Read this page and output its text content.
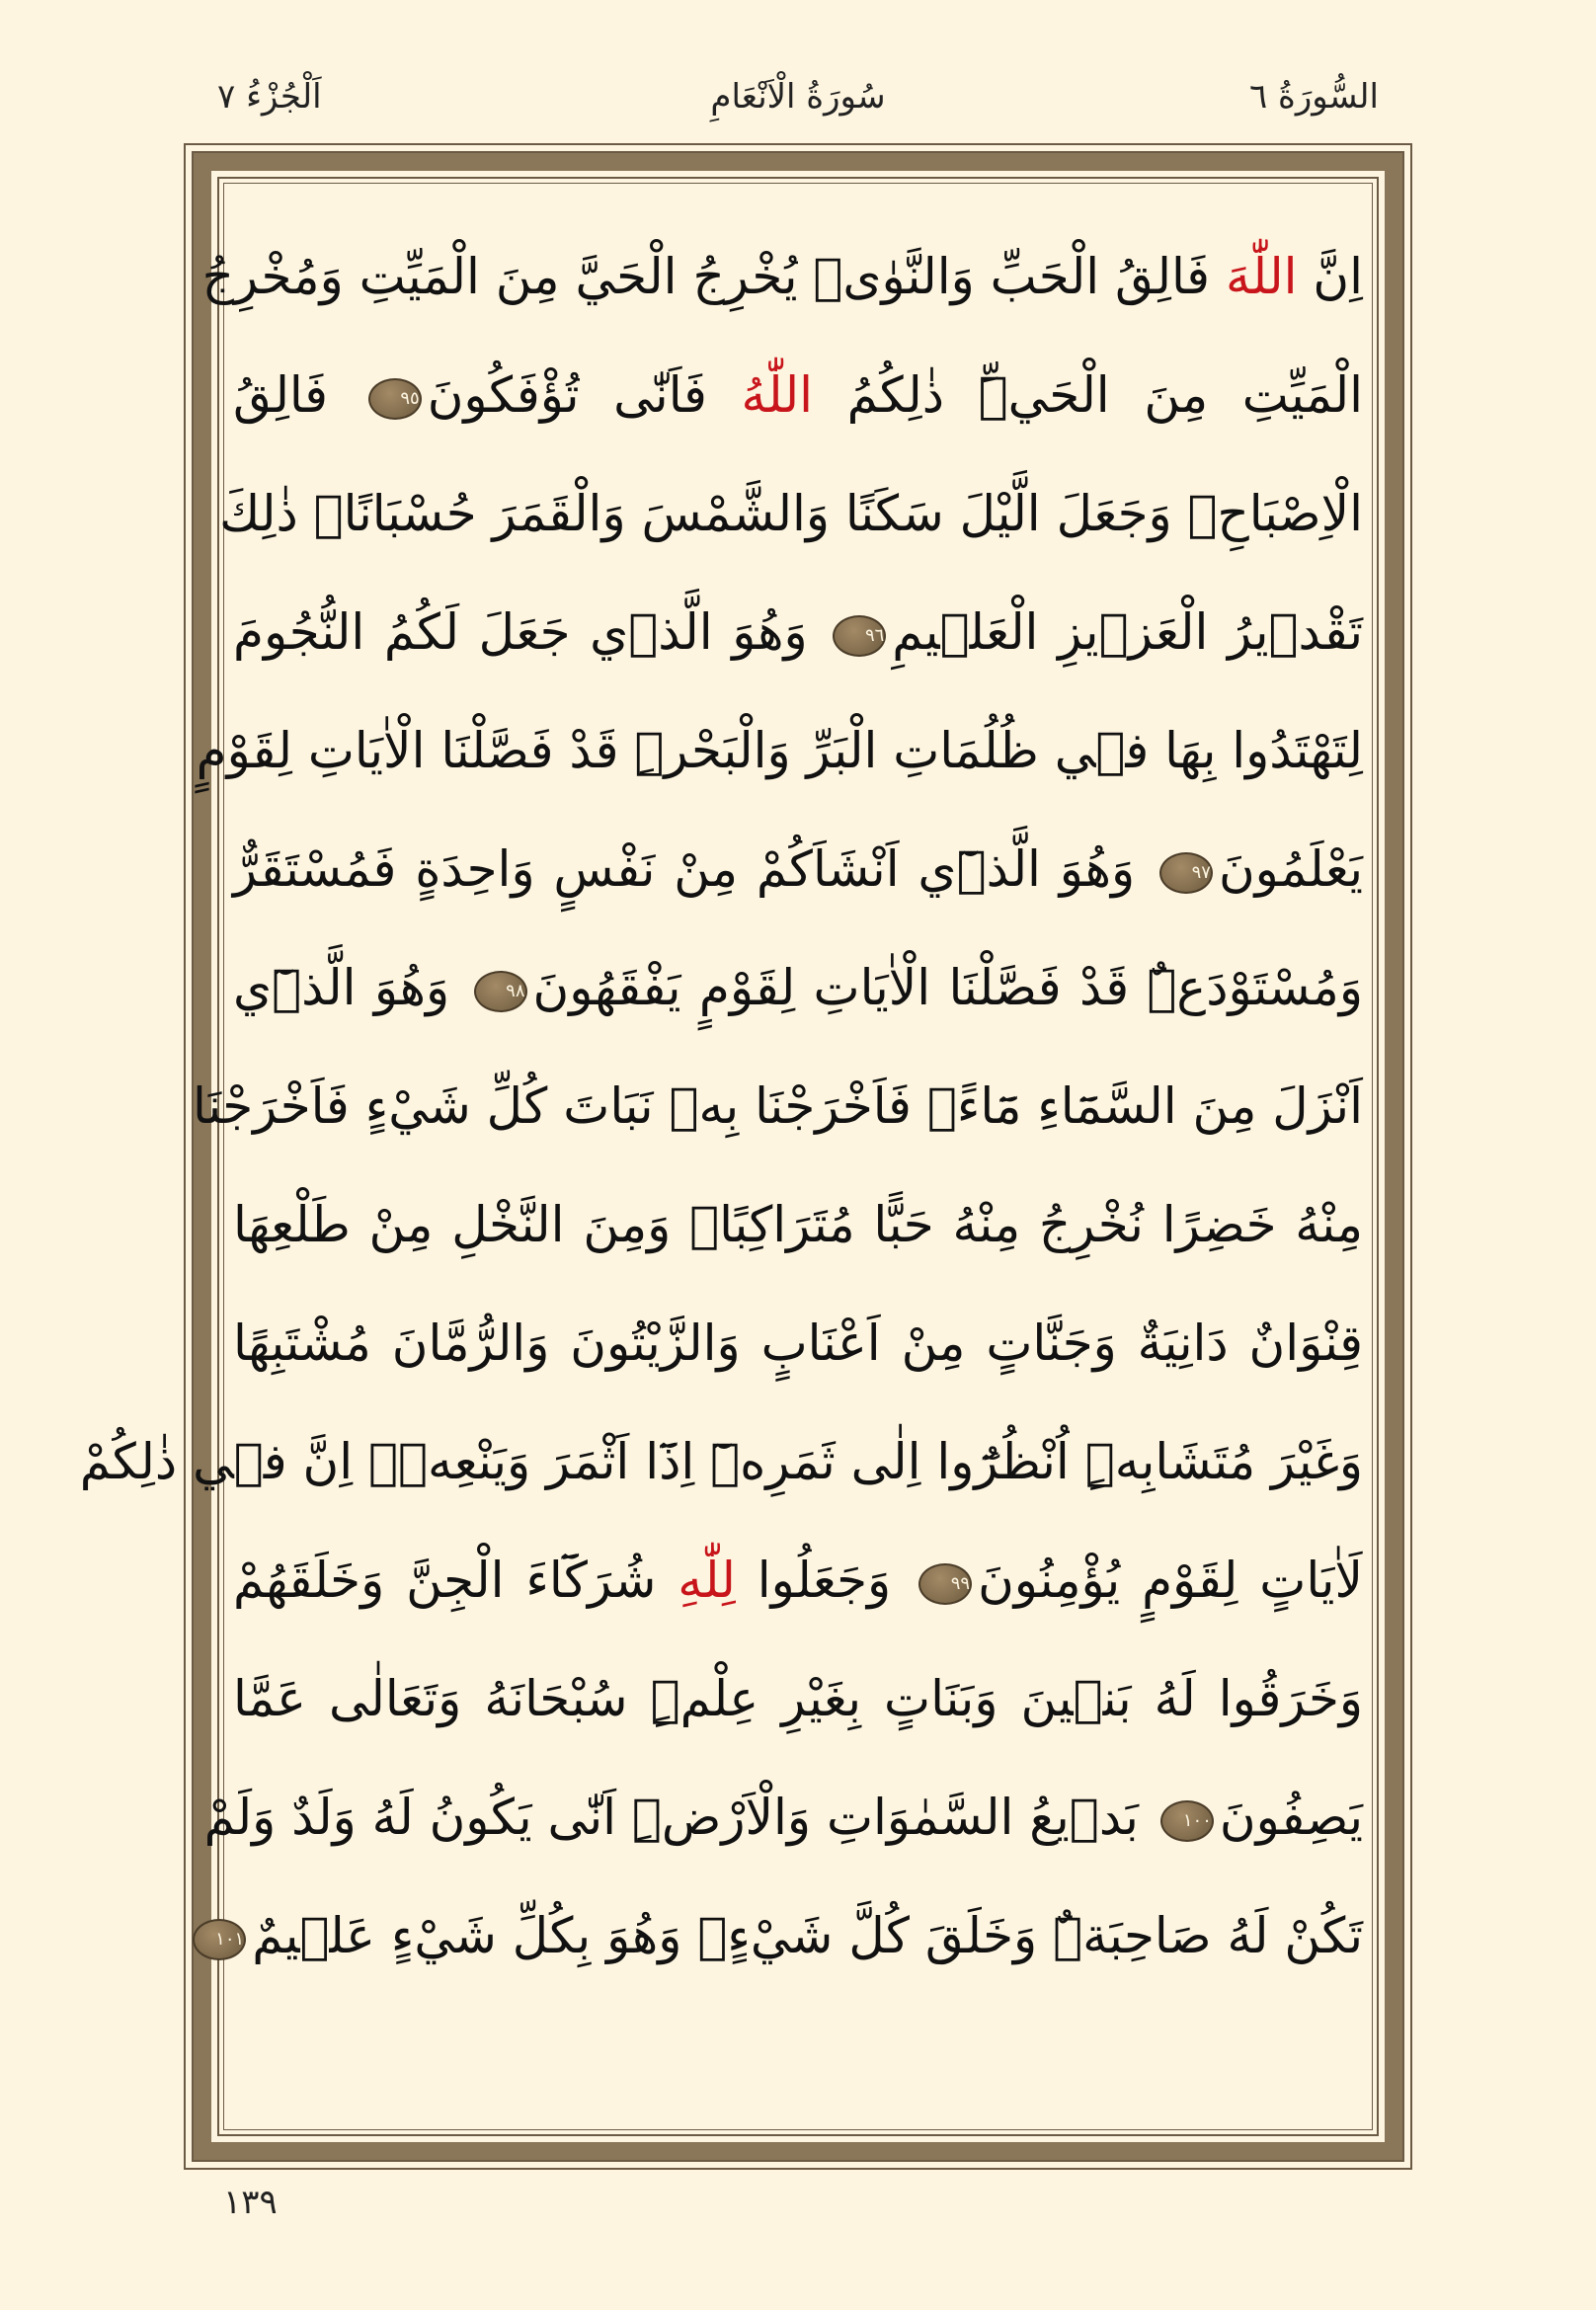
السُّورَةُ ٦
سُورَةُ الْاَنْعَامِ
اَلْجُزْءُ ٧
اِنَّ اللّٰهَ فَالِقُ الْحَبِّ وَالنَّوٰىۜ يُخْرِجُ الْحَيَّ مِنَ الْمَيِّتِ وَمُخْرِجُ
الْمَيِّتِ مِنَ الْحَيِّۜ ذٰلِكُمُ اللّٰهُ فَاَنّٰى تُؤْفَكُونَ٩٥ فَالِقُ
الْاِصْبَاحِۚ وَجَعَلَ الَّيْلَ سَكَنًا وَالشَّمْسَ وَالْقَمَرَ حُسْبَانًاۜ ذٰلِكَ
تَقْد۪يرُ الْعَز۪يزِ الْعَل۪يمِ٩٦ وَهُوَ الَّذ۪ي جَعَلَ لَكُمُ النُّجُومَ
لِتَهْتَدُوا بِهَا ف۪ي ظُلُمَاتِ الْبَرِّ وَالْبَحْرِۜ قَدْ فَصَّلْنَا الْاٰيَاتِ لِقَوْمٍ
يَعْلَمُونَ٩٧ وَهُوَ الَّذ۪ٓي اَنْشَاَكُمْ مِنْ نَفْسٍ وَاحِدَةٍ فَمُسْتَقَرٌّ
وَمُسْتَوْدَعٌۜ قَدْ فَصَّلْنَا الْاٰيَاتِ لِقَوْمٍ يَفْقَهُونَ٩٨ وَهُوَ الَّذ۪ٓي
اَنْزَلَ مِنَ السَّمَٓاءِ مَٓاءًۚ فَاَخْرَجْنَا بِه۪ نَبَاتَ كُلِّ شَيْءٍ فَاَخْرَجْنَا
مِنْهُ خَضِرًا نُخْرِجُ مِنْهُ حَبًّا مُتَرَاكِبًاۚ وَمِنَ النَّخْلِ مِنْ طَلْعِهَا
قِنْوَانٌ دَانِيَةٌ وَجَنَّاتٍ مِنْ اَعْنَابٍ وَالزَّيْتُونَ وَالرُّمَّانَ مُشْتَبِهًا
وَغَيْرَ مُتَشَابِهٍۜ اُنْظُرُٓوا اِلٰى ثَمَرِه۪ٓ اِذَٓا اَثْمَرَ وَيَنْعِه۪ۜ اِنَّ ف۪ي ذٰلِكُمْ
لَاٰيَاتٍ لِقَوْمٍ يُؤْمِنُونَ٩٩ وَجَعَلُوا لِلّٰهِ شُرَكَٓاءَ الْجِنَّ وَخَلَقَهُمْ
وَخَرَقُوا لَهُ بَن۪ينَ وَبَنَاتٍ بِغَيْرِ عِلْمٍۜ سُبْحَانَهُ وَتَعَالٰى عَمَّا
يَصِفُونَ١٠٠ بَد۪يعُ السَّمٰوَاتِ وَالْاَرْضِۜ اَنّٰى يَكُونُ لَهُ وَلَدٌ وَلَمْ
تَكُنْ لَهُ صَاحِبَةٌۜ وَخَلَقَ كُلَّ شَيْءٍۚ وَهُوَ بِكُلِّ شَيْءٍ عَل۪يمٌ١٠١
١٣٩
